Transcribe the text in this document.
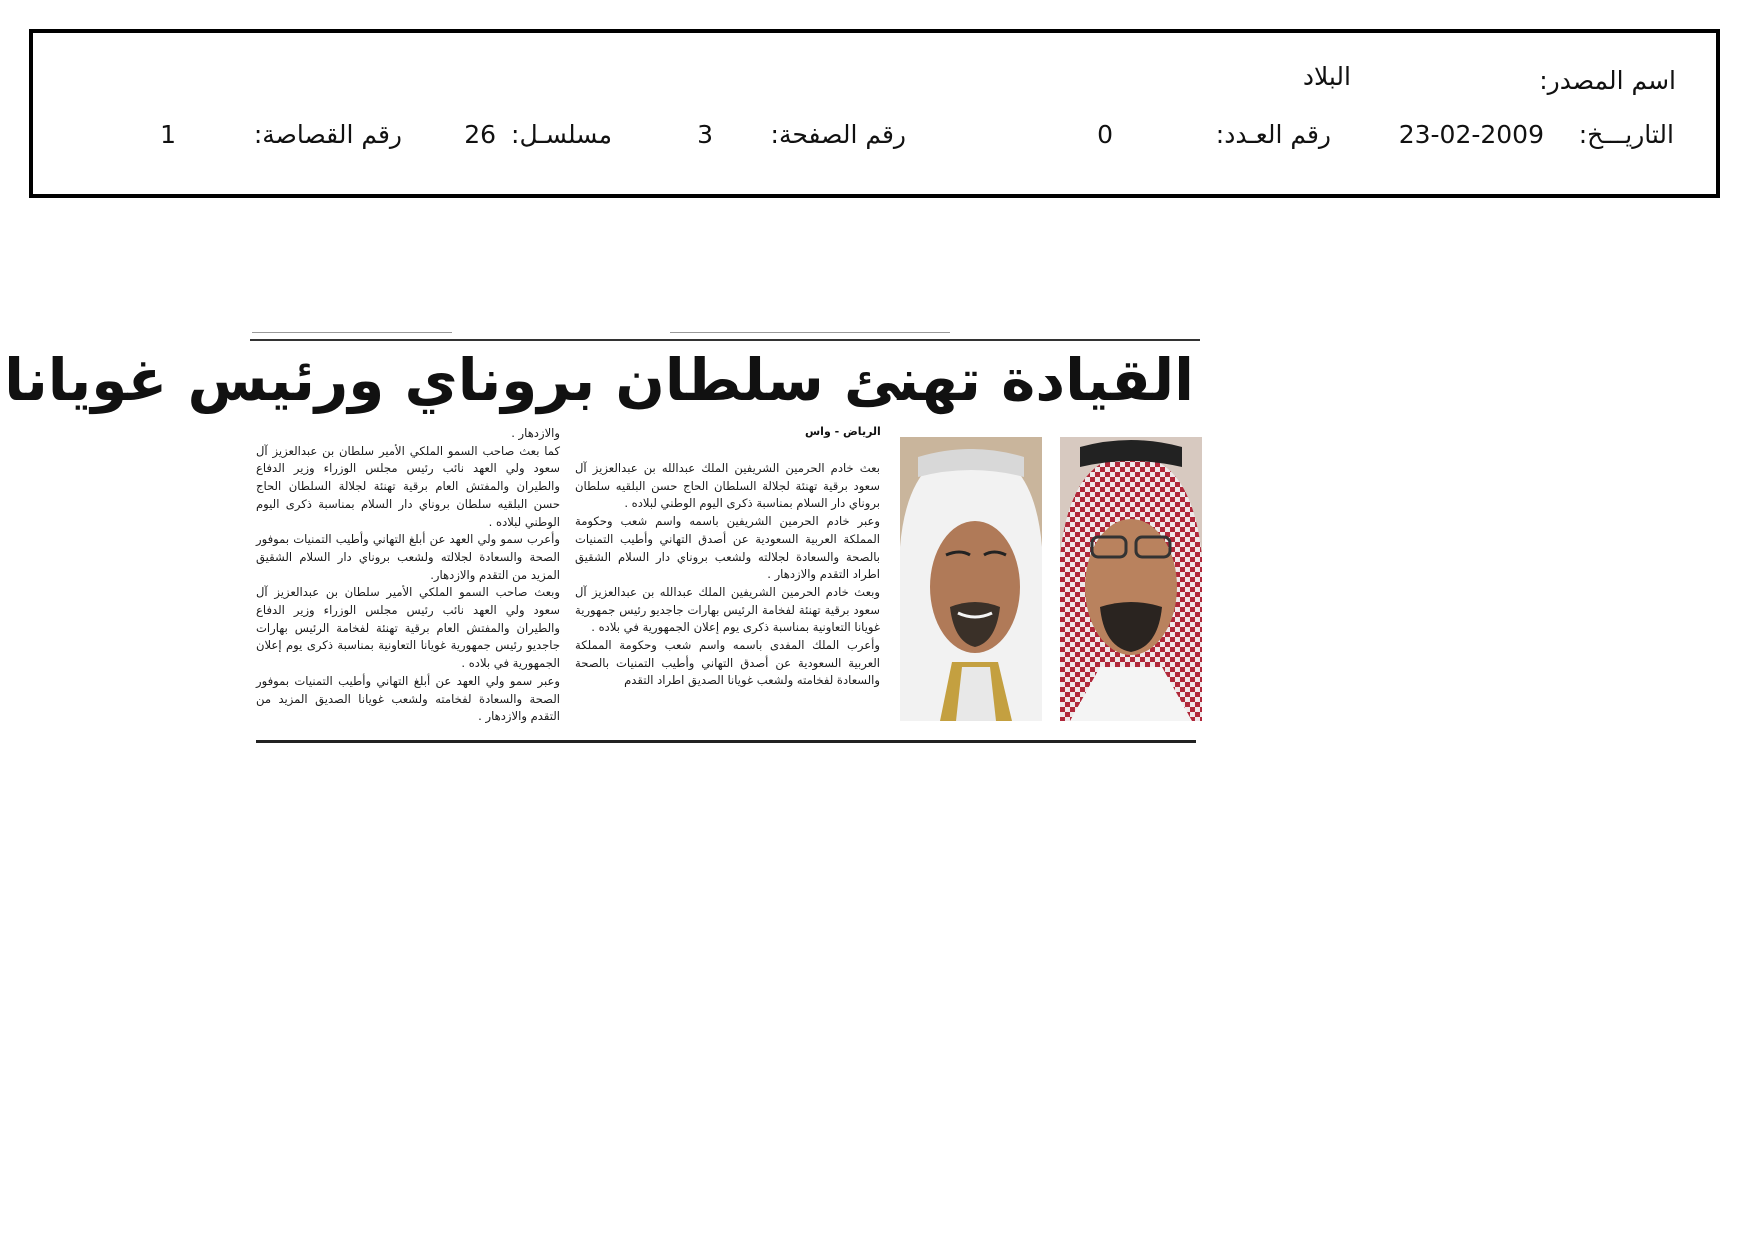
اسم المصدر:
البلاد
التاريـــخ:
23-02-2009
رقم العـدد:
0
رقم الصفحة:
3
مسلسـل:
26
رقم القصاصة:
1
القيادة تهنئ سلطان بروناي ورئيس غويانا
الرياض - واس

بعث خادم الحرمين الشريفين الملك عبدالله بن عبدالعزيز آل سعود برقية تهنئة لجلالة السلطان الحاج حسن البلقيه سلطان بروناي دار السلام بمناسبة ذكرى اليوم الوطني لبلاده .

وعبر خادم الحرمين الشريفين باسمه واسم شعب وحكومة المملكة العربية السعودية عن أصدق التهاني وأطيب التمنيات بالصحة والسعادة لجلالته ولشعب بروناي دار السلام الشقيق اطراد التقدم والازدهار .

وبعث خادم الحرمين الشريفين الملك عبدالله بن عبدالعزيز آل سعود برقية تهنئة لفخامة الرئيس بهارات جاجديو رئيس جمهورية غويانا التعاونية بمناسبة ذكرى يوم إعلان الجمهورية في بلاده .

وأعرب الملك المفدى باسمه واسم شعب وحكومة المملكة العربية السعودية عن أصدق التهاني وأطيب التمنيات بالصحة والسعادة لفخامته ولشعب غويانا الصديق اطراد التقدم

والازدهار .

كما بعث صاحب السمو الملكي الأمير سلطان بن عبدالعزيز آل سعود ولي العهد نائب رئيس مجلس الوزراء وزير الدفاع والطيران والمفتش العام برقية تهنئة لجلالة السلطان الحاج حسن البلقيه سلطان بروناي دار السلام بمناسبة ذكرى اليوم الوطني لبلاده .

وأعرب سمو ولي العهد عن أبلغ التهاني وأطيب التمنيات بموفور الصحة والسعادة لجلالته ولشعب بروناي دار السلام الشقيق المزيد من التقدم والازدهار.

وبعث صاحب السمو الملكي الأمير سلطان بن عبدالعزيز آل سعود ولي العهد نائب رئيس مجلس الوزراء وزير الدفاع والطيران والمفتش العام برقية تهنئة لفخامة الرئيس بهارات جاجديو رئيس جمهورية غويانا التعاونية بمناسبة ذكرى يوم إعلان الجمهورية في بلاده .

وعبر سمو ولي العهد عن أبلغ التهاني وأطيب التمنيات بموفور الصحة والسعادة لفخامته ولشعب غويانا الصديق المزيد من التقدم والازدهار .
